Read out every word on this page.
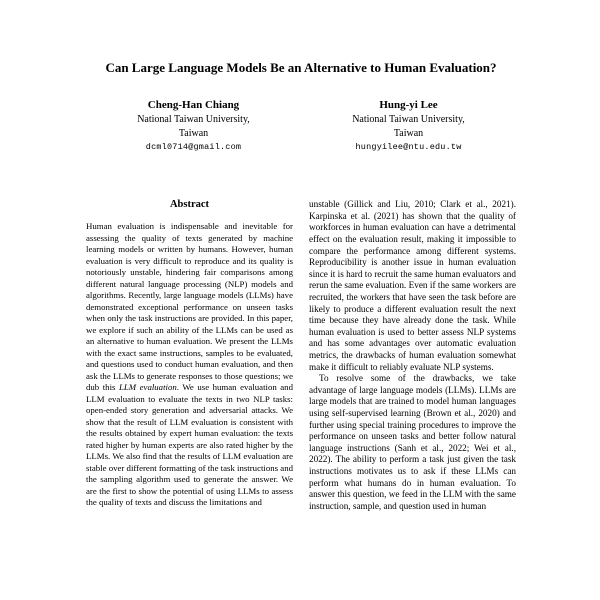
Can Large Language Models Be an Alternative to Human Evaluation?
Cheng-Han Chiang
National Taiwan University,
Taiwan
dcml0714@gmail.com
Hung-yi Lee
National Taiwan University,
Taiwan
hungyilee@ntu.edu.tw
Abstract

Human evaluation is indispensable and inevitable for assessing the quality of texts generated by machine learning models or written by humans. However, human evaluation is very difficult to reproduce and its quality is notoriously unstable, hindering fair comparisons among different natural language processing (NLP) models and algorithms. Recently, large language models (LLMs) have demonstrated exceptional performance on unseen tasks when only the task instructions are provided. In this paper, we explore if such an ability of the LLMs can be used as an alternative to human evaluation. We present the LLMs with the exact same instructions, samples to be evaluated, and questions used to conduct human evaluation, and then ask the LLMs to generate responses to those questions; we dub this LLM evaluation. We use human evaluation and LLM evaluation to evaluate the texts in two NLP tasks: open-ended story generation and adversarial attacks. We show that the result of LLM evaluation is consistent with the results obtained by expert human evaluation: the texts rated higher by human experts are also rated higher by the LLMs. We also find that the results of LLM evaluation are stable over different formatting of the task instructions and the sampling algorithm used to generate the answer. We are the first to show the potential of using LLMs to assess the quality of texts and discuss the limitations and

unstable (Gillick and Liu, 2010; Clark et al., 2021). Karpinska et al. (2021) has shown that the quality of workforces in human evaluation can have a detrimental effect on the evaluation result, making it impossible to compare the performance among different systems. Reproducibility is another issue in human evaluation since it is hard to recruit the same human evaluators and rerun the same evaluation. Even if the same workers are recruited, the workers that have seen the task before are likely to produce a different evaluation result the next time because they have already done the task. While human evaluation is used to better assess NLP systems and has some advantages over automatic evaluation metrics, the drawbacks of human evaluation somewhat make it difficult to reliably evaluate NLP systems.

To resolve some of the drawbacks, we take advantage of large language models (LLMs). LLMs are large models that are trained to model human languages using self-supervised learning (Brown et al., 2020) and further using special training procedures to improve the performance on unseen tasks and better follow natural language instructions (Sanh et al., 2022; Wei et al., 2022). The ability to perform a task just given the task instructions motivates us to ask if these LLMs can perform what humans do in human evaluation. To answer this question, we feed in the LLM with the same instruction, sample, and question used in human
